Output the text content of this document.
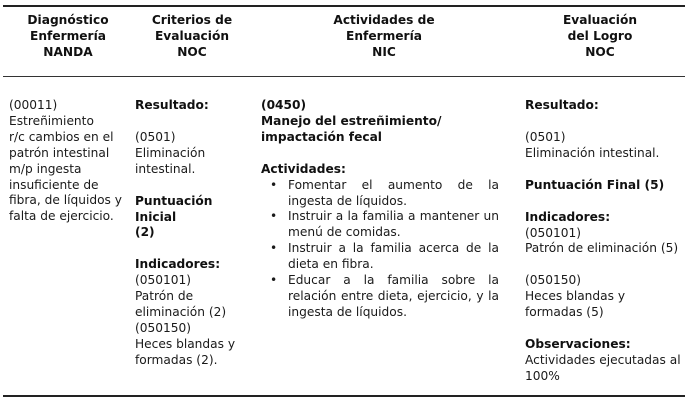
Diagnóstico
Enfermería
NANDA
Criterios de
Evaluación
NOC
Actividades de
Enfermería
NIC
Evaluación
del Logro
NOC

(00011)

Estreñimiento

r/c cambios en el

patrón intestinal

m/p ingesta

insuficiente de

fibra, de líquidos y

falta de ejercicio.

Resultado:

(0501)

Eliminación

intestinal.

Puntuación Inicial

(2)

Indicadores:

(050101)

Patrón de

eliminación (2)

(050150)

Heces blandas y

formadas (2).

(0450)

Manejo del estreñimiento/

impactación fecal

Actividades:

• Fomentar el aumento de la ingesta de líquidos.
• Instruir a la familia a mantener un menú de comidas.
• Instruir a la familia acerca de la dieta en fibra.
• Educar a la familia sobre la relación entre dieta, ejercicio, y la ingesta de líquidos.

Resultado:

(0501)

Eliminación intestinal.

Puntuación Final (5)

Indicadores:

(050101)

Patrón de eliminación (5)

(050150)

Heces blandas y

formadas (5)

Observaciones:

Actividades ejecutadas al

100%
